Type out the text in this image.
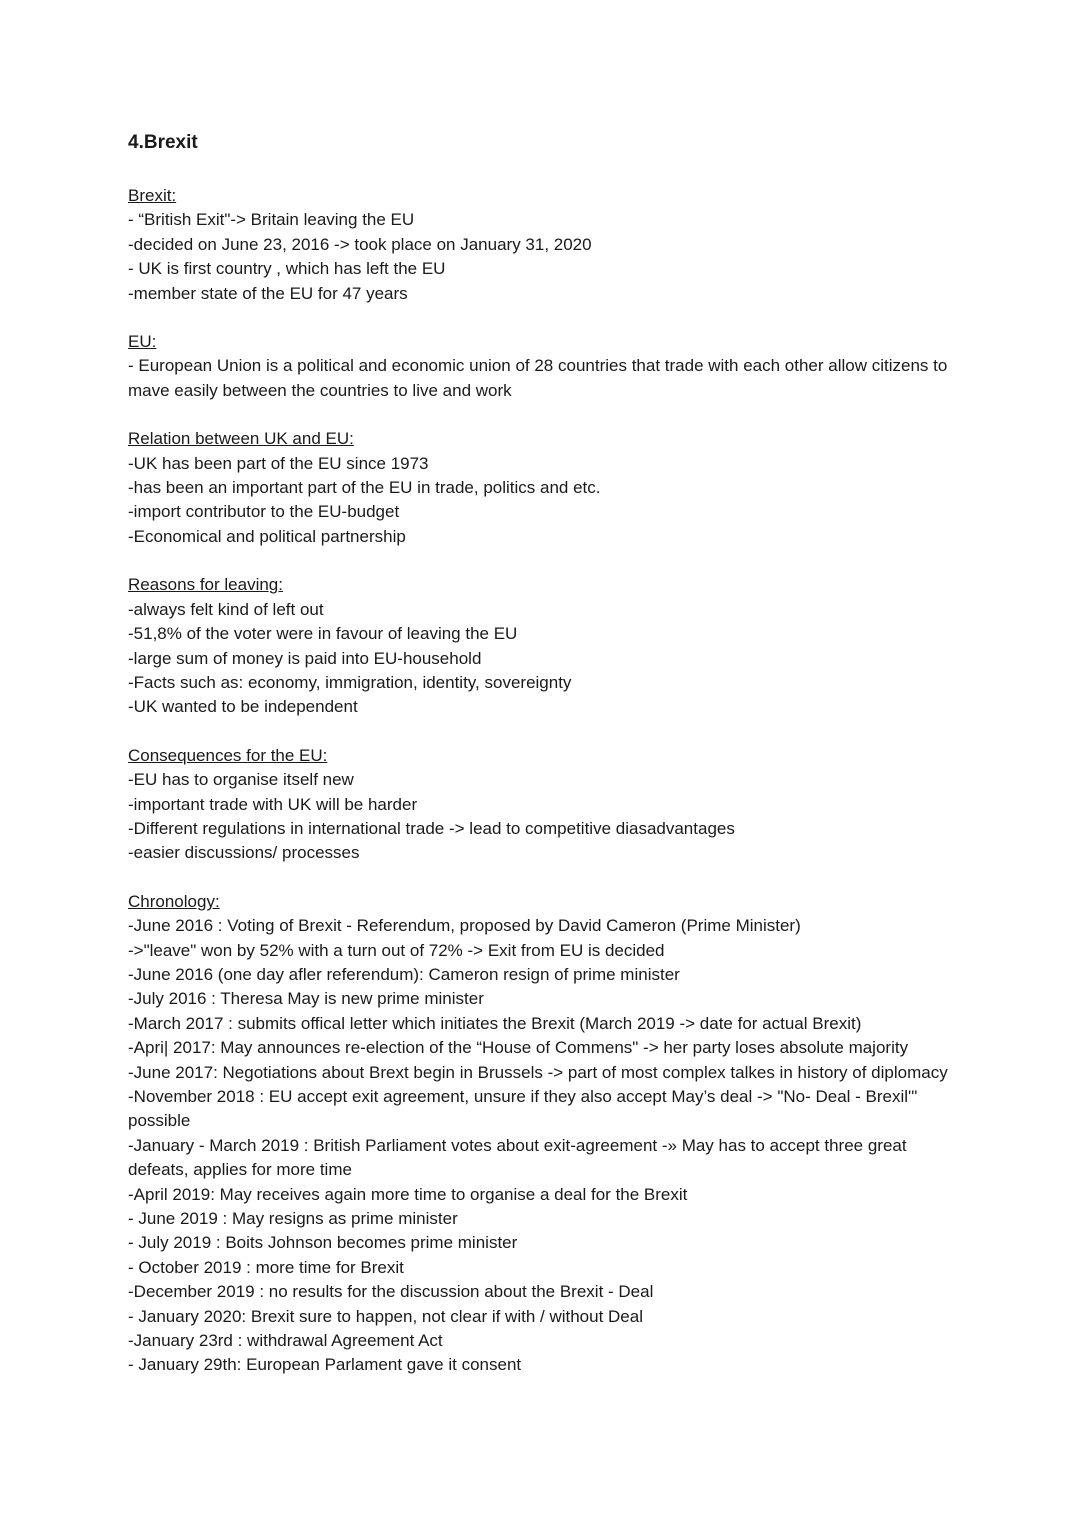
4.Brexit
Brexit:
- “British Exit"-> Britain leaving the EU
-decided on June 23, 2016 -> took place on January 31, 2020
- UK is first country , which has left the EU
-member state of the EU for 47 years
EU:
- European Union is a political and economic union of 28 countries that trade with each other allow citizens to mave easily between the countries to live and work
Relation between UK and EU:
-UK has been part of the EU since 1973
-has been an important part of the EU in trade, politics and etc.
-import contributor to the EU-budget
-Economical and political partnership
Reasons for leaving:
-always felt kind of left out
-51,8% of the voter were in favour of leaving the EU
-large sum of money is paid into EU-household
-Facts such as: economy, immigration, identity, sovereignty
-UK wanted to be independent
Consequences for the EU:
-EU has to organise itself new
-important trade with UK will be harder
-Different regulations in international trade -> lead to competitive diasadvantages
-easier discussions/ processes
Chronology:
-June 2016 : Voting of Brexit - Referendum, proposed by David Cameron (Prime Minister)
->"leave" won by 52% with a turn out of 72% -> Exit from EU is decided
-June 2016 (one day afler referendum): Cameron resign of prime minister
-July 2016 : Theresa May is new prime minister
-March 2017 : submits offical letter which initiates the Brexit (March 2019 -> date for actual Brexit)
-Apri| 2017: May announces re-election of the “House of Commens" -> her party loses absolute majority
-June 2017: Negotiations about Brext begin in Brussels -> part of most complex talkes in history of diplomacy
-November 2018 : EU accept exit agreement, unsure if they also accept May’s deal -> "No- Deal - Brexil'" possible
-January - March 2019 : British Parliament votes about exit-agreement -» May has to accept three great defeats, applies for more time
-April 2019: May receives again more time to organise a deal for the Brexit
- June 2019 : May resigns as prime minister
- July 2019 : Boits Johnson becomes prime minister
- October 2019 : more time for Brexit
-December 2019 : no results for the discussion about the Brexit - Deal
- January 2020: Brexit sure to happen, not clear if with / without Deal
-January 23rd : withdrawal Agreement Act
- January 29th: European Parlament gave it consent
